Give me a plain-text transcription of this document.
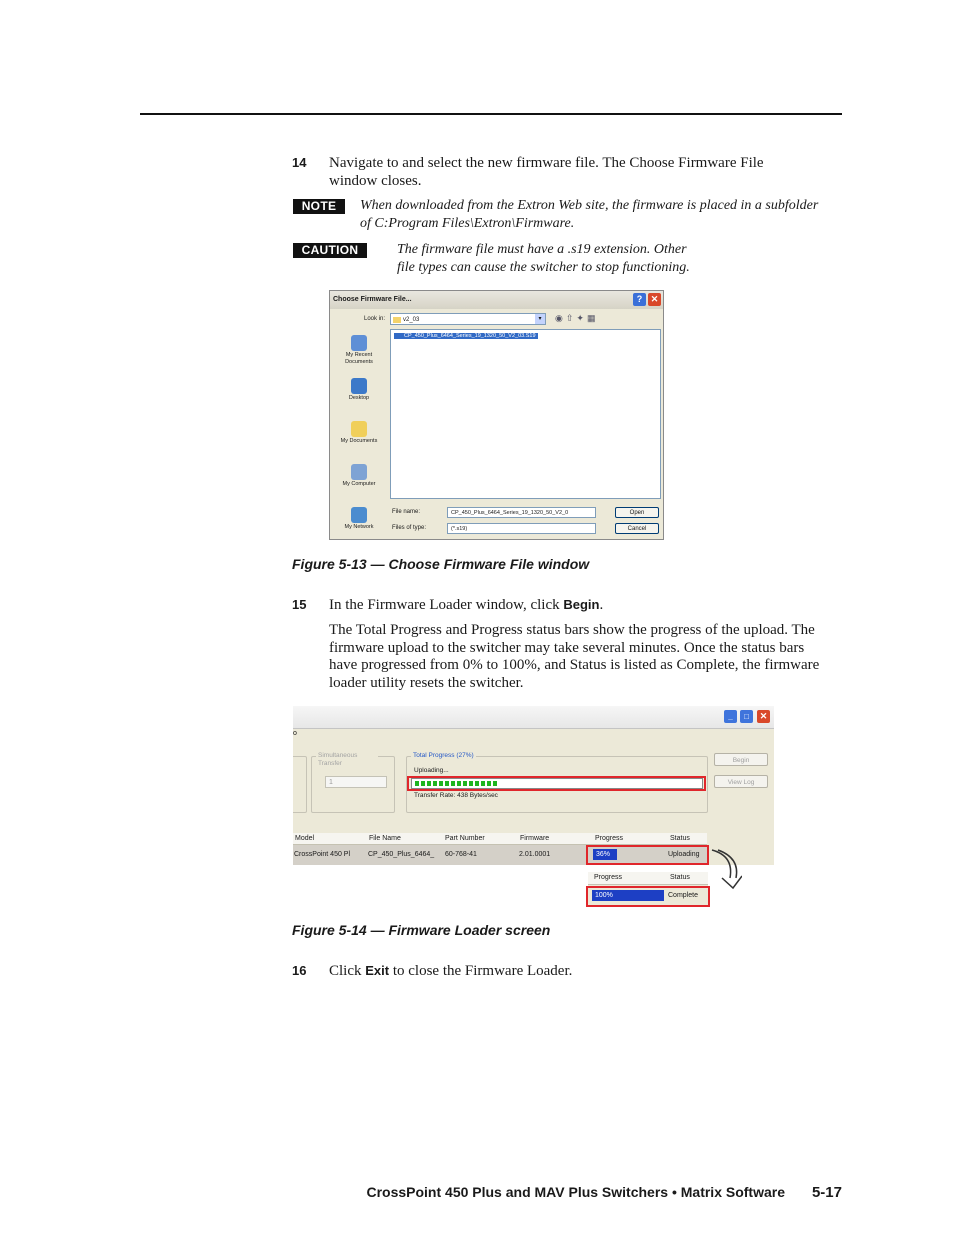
14	Navigate to and select the new firmware file. The Choose Firmware File window closes.
NOTE	When downloaded from the Extron Web site, the firmware is placed in a subfolder
of C:Program Files\Extron\Firmware.
CAUTION	The firmware file must have a .s19 extension. Other
file types can cause the switcher to stop functioning.
Choose Firmware File...	? ✕
Look in:	v2_03	▾	◉⇧✦▦
My Recent Documents
Desktop
My Documents
My Computer
My Network
CP_450_Plus_6464_Series_19_1320_50_V2_03.S19
File name:	CP_450_Plus_6464_Series_19_1320_50_V2_0
Files of type:	(*.s19)
Open
Cancel
Figure 5-13 — Choose Firmware File window
15	In the Firmware Loader window, click Begin.
The Total Progress and Progress status bars show the progress of the upload. The firmware upload to the switcher may take several minutes. Once the status bars have progressed from 0% to 100%, and Status is listed as Complete, the firmware loader utility resets the switcher.
_	□	✕
o
Simultaneous Transfer
1
Total Progress (27%)
Uploading...
Transfer Rate: 438 Bytes/sec
Begin
View Log
Model	File Name	Part Number	Firmware	Progress	Status
CrossPoint 450 Pl	CP_450_Plus_6464_ 60-768-41	2.01.0001	36%	Uploading
Progress	Status
100%	Complete
Figure 5-14 — Firmware Loader screen
16	Click Exit to close the Firmware Loader.
CrossPoint 450 Plus and MAV Plus Switchers • Matrix Software 5-17
